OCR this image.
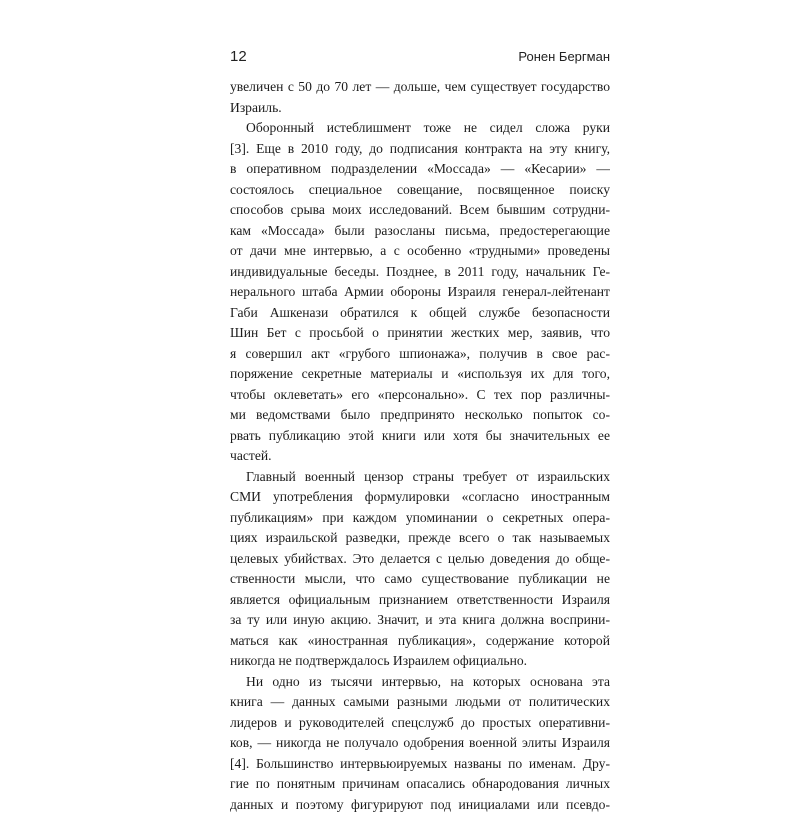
12	Ронен Бергман
увеличен с 50 до 70 лет — дольше, чем существует государство
Израиль.
Оборонный истеблишмент тоже не сидел сложа руки
[3]. Еще в 2010 году, до подписания контракта на эту книгу,
в оперативном подразделении «Моссада» — «Кесарии» —
состоялось специальное совещание, посвященное поиску
способов срыва моих исследований. Всем бывшим сотрудни-
кам «Моссада» были разосланы письма, предостерегающие
от дачи мне интервью, а с особенно «трудными» проведены
индивидуальные беседы. Позднее, в 2011 году, начальник Ге-
нерального штаба Армии обороны Израиля генерал-лейтенант
Габи Ашкенази обратился к общей службе безопасности
Шин Бет с просьбой о принятии жестких мер, заявив, что
я совершил акт «грубого шпионажа», получив в свое рас-
поряжение секретные материалы и «используя их для того,
чтобы оклеветать» его «персонально». С тех пор различны-
ми ведомствами было предпринято несколько попыток со-
рвать публикацию этой книги или хотя бы значительных ее
частей.
Главный военный цензор страны требует от израильских
СМИ употребления формулировки «согласно иностранным
публикациям» при каждом упоминании о секретных опера-
циях израильской разведки, прежде всего о так называемых
целевых убийствах. Это делается с целью доведения до обще-
ственности мысли, что само существование публикации не
является официальным признанием ответственности Израиля
за ту или иную акцию. Значит, и эта книга должна восприни-
маться как «иностранная публикация», содержание которой
никогда не подтверждалось Израилем официально.
Ни одно из тысячи интервью, на которых основана эта
книга — данных самыми разными людьми от политических
лидеров и руководителей спецслужб до простых оперативни-
ков, — никогда не получало одобрения военной элиты Израиля
[4]. Большинство интервьюируемых названы по именам. Дру-
гие по понятным причинам опасались обнародования личных
данных и поэтому фигурируют под инициалами или псевдо-
